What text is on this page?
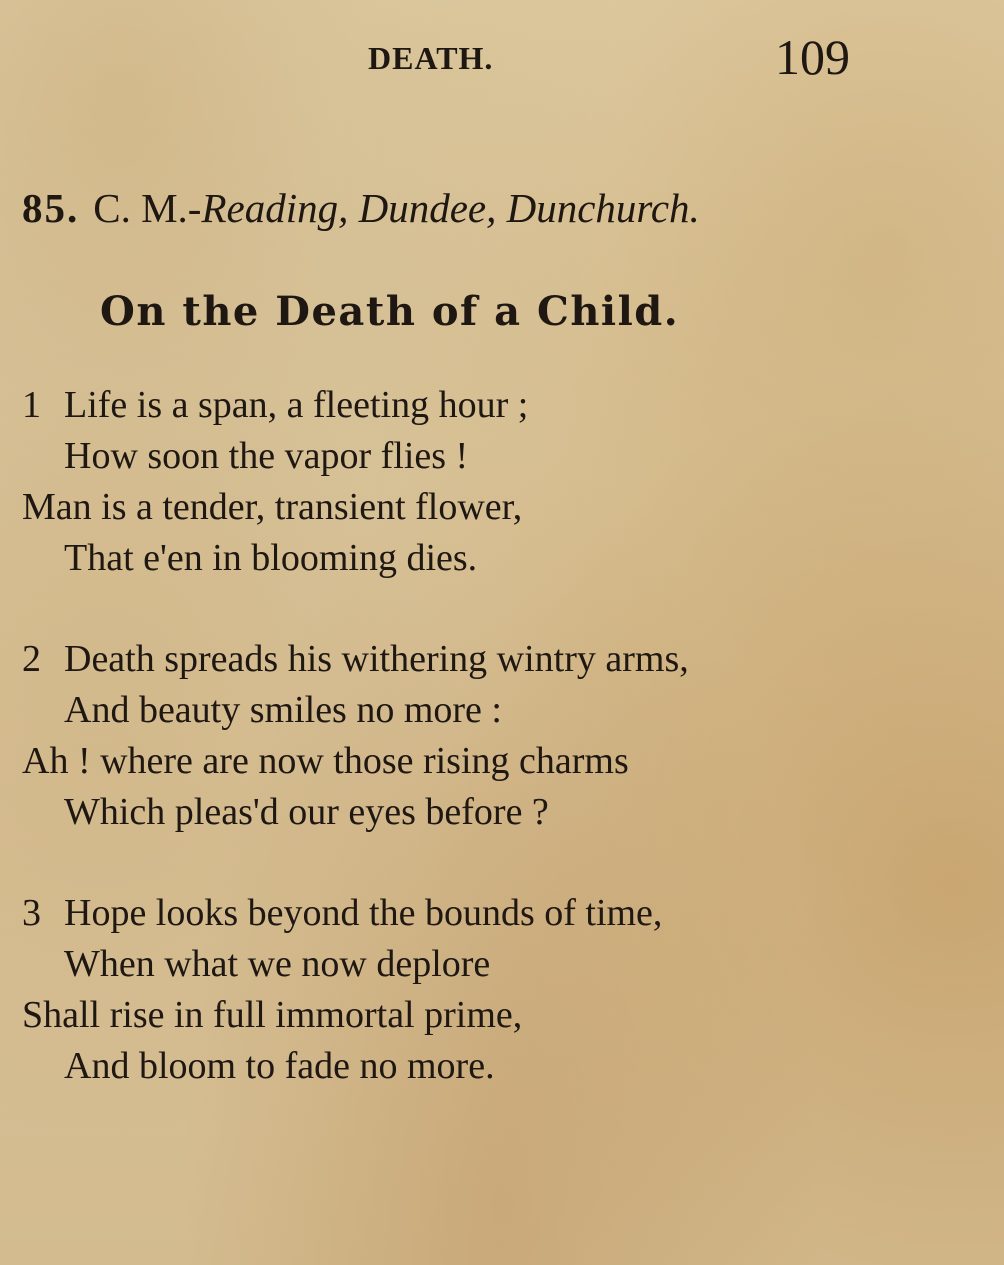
DEATH.	109
85. C. M.-Reading, Dundee, Dunchurch.
On the Death of a Child.
1 Life is a span, a fleeting hour ;
How soon the vapor flies !
Man is a tender, transient flower,
That e'en in blooming dies.
2 Death spreads his withering wintry arms,
And beauty smiles no more :
Ah ! where are now those rising charms
Which pleas'd our eyes before ?
3 Hope looks beyond the bounds of time,
When what we now deplore
Shall rise in full immortal prime,
And bloom to fade no more.
